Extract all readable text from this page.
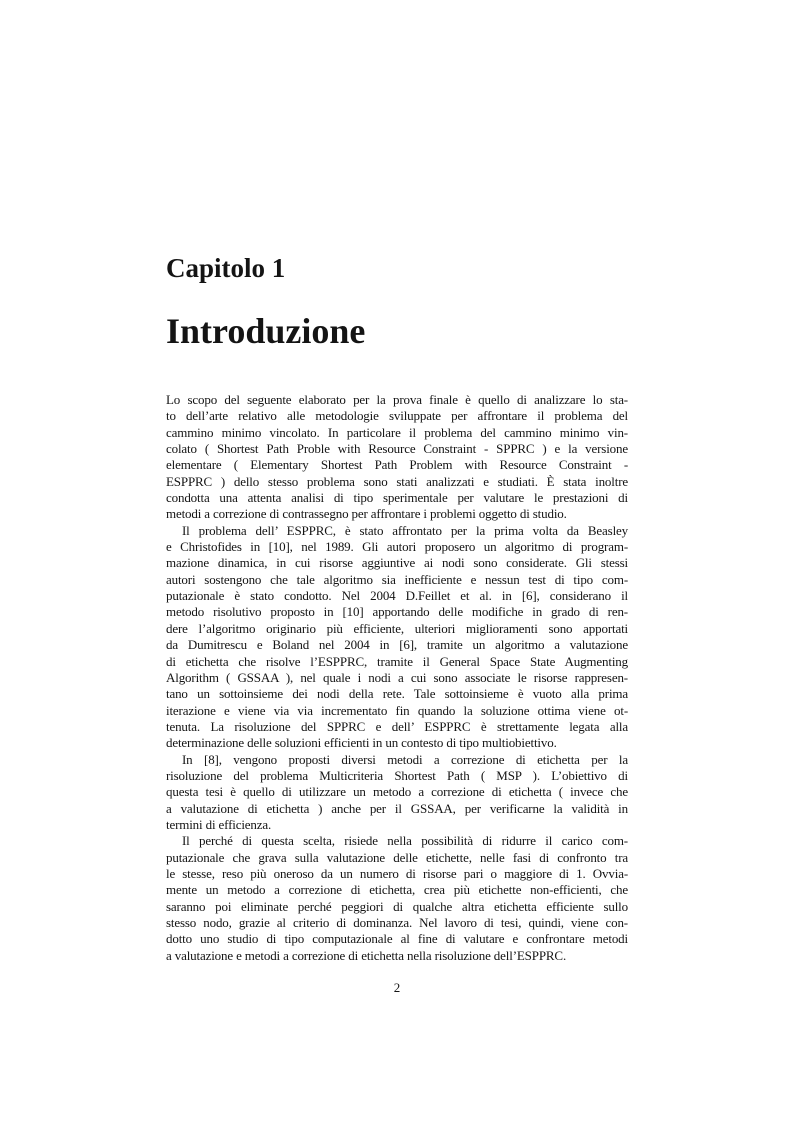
Capitolo 1
Introduzione
Lo scopo del seguente elaborato per la prova finale è quello di analizzare lo sta-
to dell’arte relativo alle metodologie sviluppate per affrontare il problema del
cammino minimo vincolato. In particolare il problema del cammino minimo vin-
colato ( Shortest Path Proble with Resource Constraint - SPPRC ) e la versione
elementare ( Elementary Shortest Path Problem with Resource Constraint -
ESPPRC ) dello stesso problema sono stati analizzati e studiati. È stata inoltre
condotta una attenta analisi di tipo sperimentale per valutare le prestazioni di
metodi a correzione di contrassegno per affrontare i problemi oggetto di studio.
Il problema dell’ ESPPRC, è stato affrontato per la prima volta da Beasley
e Christofides in [10], nel 1989. Gli autori proposero un algoritmo di program-
mazione dinamica, in cui risorse aggiuntive ai nodi sono considerate. Gli stessi
autori sostengono che tale algoritmo sia inefficiente e nessun test di tipo com-
putazionale è stato condotto. Nel 2004 D.Feillet et al. in [6], considerano il
metodo risolutivo proposto in [10] apportando delle modifiche in grado di ren-
dere l’algoritmo originario più efficiente, ulteriori miglioramenti sono apportati
da Dumitrescu e Boland nel 2004 in [6], tramite un algoritmo a valutazione
di etichetta che risolve l’ESPPRC, tramite il General Space State Augmenting
Algorithm ( GSSAA ), nel quale i nodi a cui sono associate le risorse rappresen-
tano un sottoinsieme dei nodi della rete. Tale sottoinsieme è vuoto alla prima
iterazione e viene via via incrementato fin quando la soluzione ottima viene ot-
tenuta. La risoluzione del SPPRC e dell’ ESPPRC è strettamente legata alla
determinazione delle soluzioni efficienti in un contesto di tipo multiobiettivo.
In [8], vengono proposti diversi metodi a correzione di etichetta per la
risoluzione del problema Multicriteria Shortest Path ( MSP ). L’obiettivo di
questa tesi è quello di utilizzare un metodo a correzione di etichetta ( invece che
a valutazione di etichetta ) anche per il GSSAA, per verificarne la validità in
termini di efficienza.
Il perché di questa scelta, risiede nella possibilità di ridurre il carico com-
putazionale che grava sulla valutazione delle etichette, nelle fasi di confronto tra
le stesse, reso più oneroso da un numero di risorse pari o maggiore di 1. Ovvia-
mente un metodo a correzione di etichetta, crea più etichette non-efficienti, che
saranno poi eliminate perché peggiori di qualche altra etichetta efficiente sullo
stesso nodo, grazie al criterio di dominanza. Nel lavoro di tesi, quindi, viene con-
dotto uno studio di tipo computazionale al fine di valutare e confrontare metodi
a valutazione e metodi a correzione di etichetta nella risoluzione dell’ESPPRC.
2
